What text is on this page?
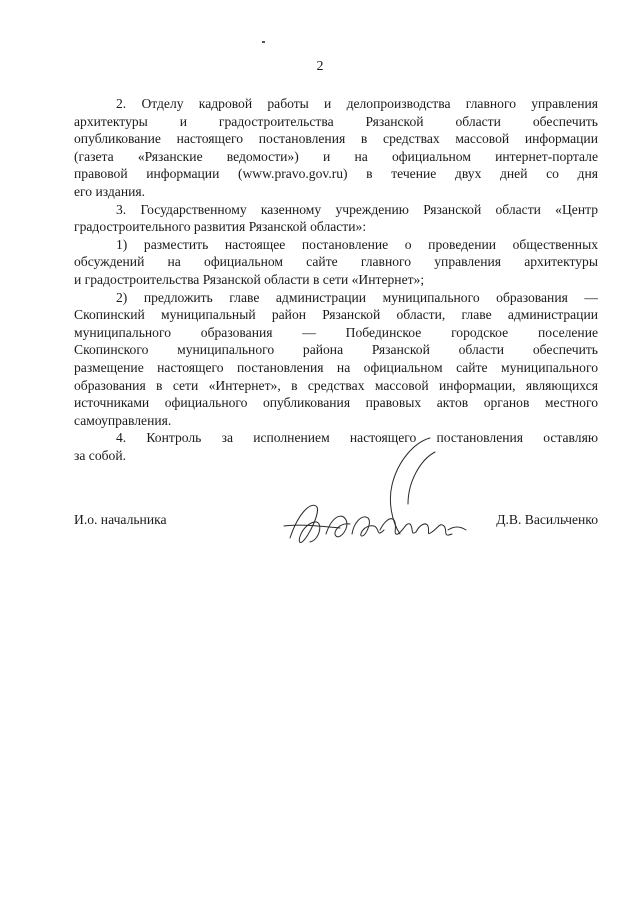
2
2. Отделу кадровой работы и делопроизводства главного управления
архитектуры и градостроительства Рязанской области обеспечить
опубликование настоящего постановления в средствах массовой информации
(газета «Рязанские ведомости») и на официальном интернет-портале
правовой информации (www.pravo.gov.ru) в течение двух дней со дня
его издания.
3. Государственному казенному учреждению Рязанской области «Центр
градостроительного развития Рязанской области»:
1) разместить настоящее постановление о проведении общественных
обсуждений на официальном сайте главного управления архитектуры
и градостроительства Рязанской области в сети «Интернет»;
2) предложить главе администрации муниципального образования —
Скопинский муниципальный район Рязанской области, главе администрации
муниципального образования — Побединское городское поселение
Скопинского муниципального района Рязанской области обеспечить
размещение настоящего постановления на официальном сайте муниципального
образования в сети «Интернет», в средствах массовой информации, являющихся
источниками официального опубликования правовых актов органов местного
самоуправления.
4. Контроль за исполнением настоящего постановления оставляю
за собой.
И.о. начальника	Д.В. Васильченко
